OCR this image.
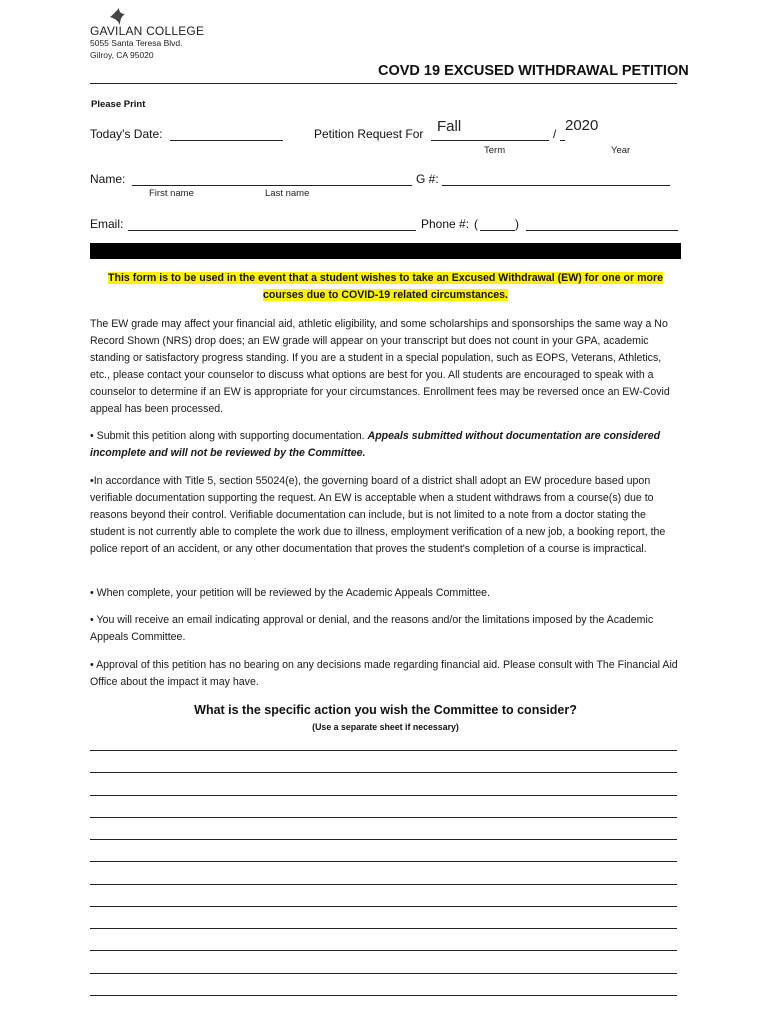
GAVILAN COLLEGE
5055 Santa Teresa Blvd.
Gilroy, CA 95020
COVD 19 EXCUSED WITHDRAWAL PETITION
Please Print
Today’s Date:	Petition Request For Fall	/ 2020
Term	Year
Name:	G #:
First name	Last name
Email:	Phone #: (	)
This form is to be used in the event that a student wishes to take an Excused Withdrawal (EW) for one or more
courses due to COVID-19 related circumstances.
The EW grade may affect your financial aid, athletic eligibility, and some scholarships and sponsorships the same way a No Record Shown (NRS) drop does; an EW grade will appear on your transcript but does not count in your GPA, academic standing or satisfactory progress standing. If you are a student in a special population, such as EOPS, Veterans, Athletics, etc., please contact your counselor to discuss what options are best for you. All students are encouraged to speak with a counselor to determine if an EW is appropriate for your circumstances. Enrollment fees may be reversed once an EW-Covid appeal has been processed.
• Submit this petition along with supporting documentation. Appeals submitted without documentation are considered incomplete and will not be reviewed by the Committee.
•In accordance with Title 5, section 55024(e), the governing board of a district shall adopt an EW procedure based upon verifiable documentation supporting the request. An EW is acceptable when a student withdraws from a course(s) due to reasons beyond their control. Verifiable documentation can include, but is not limited to a note from a doctor stating the student is not currently able to complete the work due to illness, employment verification of a new job, a booking report, the police report of an accident, or any other documentation that proves the student's completion of a course is impractical.
• When complete, your petition will be reviewed by the Academic Appeals Committee.
• You will receive an email indicating approval or denial, and the reasons and/or the limitations imposed by the Academic Appeals Committee.
• Approval of this petition has no bearing on any decisions made regarding financial aid. Please consult with The Financial Aid Office about the impact it may have.
What is the specific action you wish the Committee to consider?
(Use a separate sheet if necessary)
